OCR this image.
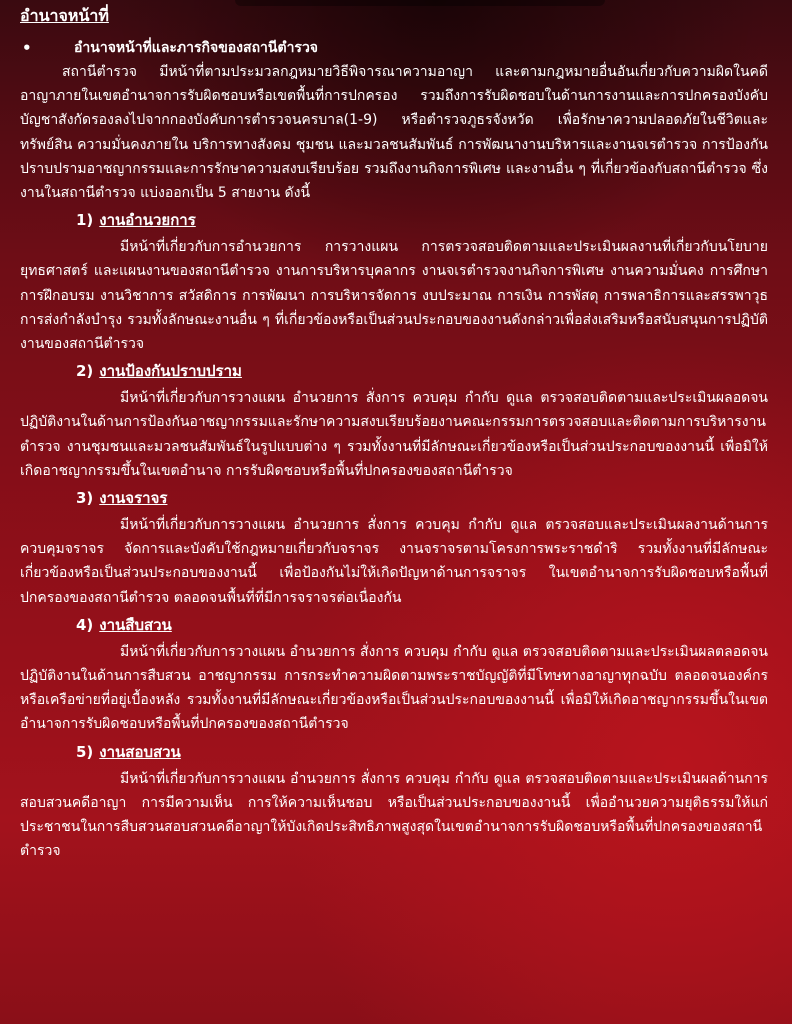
อำนาจหน้าที่
•	อำนาจหน้าที่และภารกิจของสถานีตำรวจ

สถานีตำรวจ มีหน้าที่ตามประมวลกฎหมายวิธีพิจารณาความอาญา และตามกฎหมายอื่นอันเกี่ยวกับความผิดในคดีอาญาภายในเขตอำนาจการรับผิดชอบหรือเขตพื้นที่การปกครอง รวมถึงการรับผิดชอบในด้านการงานและการปกครองบังคับบัญชาสังกัดรองลงไปจากกองบังคับการตำรวจนครบาล(1-9) หรือตำรวจภูธรจังหวัด เพื่อรักษาความปลอดภัยในชีวิตและทรัพย์สิน ความมั่นคงภายใน บริการทางสังคม ชุมชน และมวลชนสัมพันธ์ การพัฒนางานบริหารและงานจเรตำรวจ การป้องกันปราบปรามอาชญากรรมและการรักษาความสงบเรียบร้อย รวมถึงงานกิจการพิเศษ และงานอื่น ๆ ที่เกี่ยวข้องกับสถานีตำรวจ ซึ่งงานในสถานีตำรวจ แบ่งออกเป็น 5 สายงาน ดังนี้

1) งานอำนวยการ

มีหน้าที่เกี่ยวกับการอำนวยการ การวางแผน การตรวจสอบติดตามและประเมินผลงานที่เกี่ยวกับนโยบาย ยุทธศาสตร์ และแผนงานของสถานีตำรวจ งานการบริหารบุคลากร งานจเรตำรวจงานกิจการพิเศษ งานความมั่นคง การศึกษา การฝึกอบรม งานวิชาการ สวัสดิการ การพัฒนา การบริหารจัดการ งบประมาณ การเงิน การพัสดุ การพลาธิการและสรรพาวุธ การส่งกำลังบำรุง รวมทั้งลักษณะงานอื่น ๆ ที่เกี่ยวข้องหรือเป็นส่วนประกอบของงานดังกล่าวเพื่อส่งเสริมหรือสนับสนุนการปฏิบัติงานของสถานีตำรวจ

2) งานป้องกันปราบปราม

มีหน้าที่เกี่ยวกับการวางแผน อำนวยการ สั่งการ ควบคุม กำกับ ดูแล ตรวจสอบติดตามและประเมินผลอดจนปฏิบัติงานในด้านการป้องกันอาชญากรรมและรักษาความสงบเรียบร้อยงานคณะกรรมการตรวจสอบและติดตามการบริหารงานตำรวจ งานชุมชนและมวลชนสัมพันธ์ในรูปแบบต่าง ๆ รวมทั้งงานที่มีลักษณะเกี่ยวข้องหรือเป็นส่วนประกอบของงานนี้ เพื่อมิให้เกิดอาชญากรรมขึ้นในเขตอำนาจ การรับผิดชอบหรือพื้นที่ปกครองของสถานีตำรวจ

3) งานจราจร

มีหน้าที่เกี่ยวกับการวางแผน อำนวยการ สั่งการ ควบคุม กำกับ ดูแล ตรวจสอบและประเมินผลงานด้านการควบคุมจราจร จัดการและบังคับใช้กฎหมายเกี่ยวกับจราจร งานจราจรตามโครงการพระราชดำริ รวมทั้งงานที่มีลักษณะเกี่ยวข้องหรือเป็นส่วนประกอบของงานนี้ เพื่อป้องกันไม่ให้เกิดปัญหาด้านการจราจร ในเขตอำนาจการรับผิดชอบหรือพื้นที่ปกครองของสถานีตำรวจ ตลอดจนพื้นที่ที่มีการจราจรต่อเนื่องกัน

4) งานสืบสวน

มีหน้าที่เกี่ยวกับการวางแผน อำนวยการ สั่งการ ควบคุม กำกับ ดูแล ตรวจสอบติดตามและประเมินผลตลอดจนปฏิบัติงานในด้านการสืบสวน อาชญากรรม การกระทำความผิดตามพระราชบัญญัติที่มีโทษทางอาญาทุกฉบับ ตลอดจนองค์กรหรือเครือข่ายที่อยู่เบื้องหลัง รวมทั้งงานที่มีลักษณะเกี่ยวข้องหรือเป็นส่วนประกอบของงานนี้ เพื่อมิให้เกิดอาชญากรรมขึ้นในเขตอำนาจการรับผิดชอบหรือพื้นที่ปกครองของสถานีตำรวจ

5) งานสอบสวน

มีหน้าที่เกี่ยวกับการวางแผน อำนวยการ สั่งการ ควบคุม กำกับ ดูแล ตรวจสอบติดตามและประเมินผลด้านการสอบสวนคดีอาญา การมีความเห็น การให้ความเห็นชอบ หรือเป็นส่วนประกอบของงานนี้ เพื่ออำนวยความยุติธรรมให้แก่ประชาชนในการสืบสวนสอบสวนคดีอาญาให้บังเกิดประสิทธิภาพสูงสุดในเขตอำนาจการรับผิดชอบหรือพื้นที่ปกครองของสถานีตำรวจ
